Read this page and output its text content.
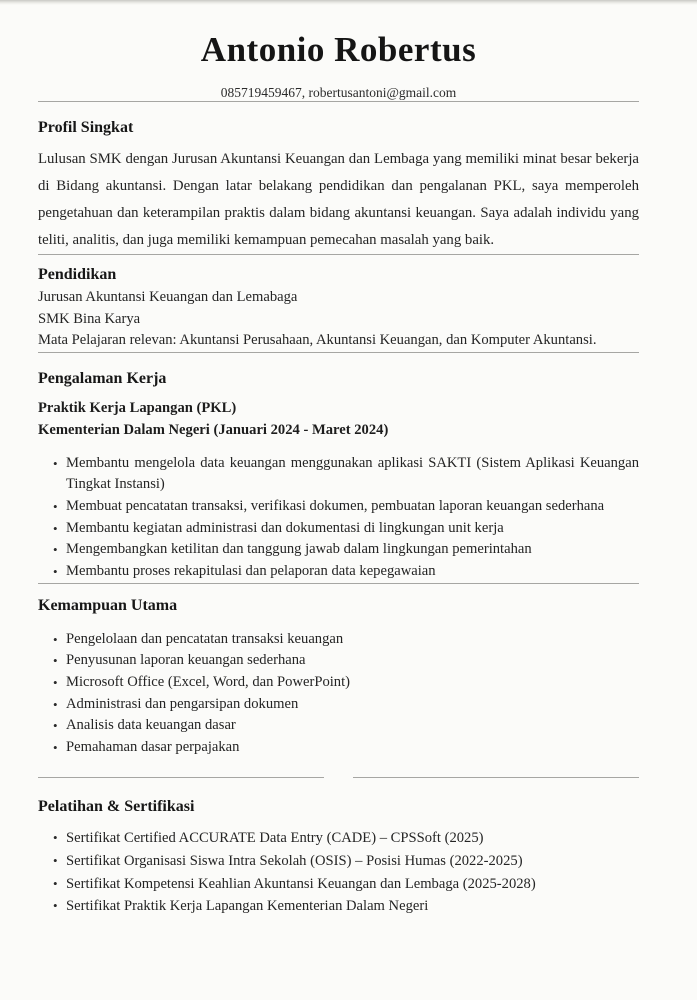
Antonio Robertus
085719459467, robertusantoni@gmail.com
Profil Singkat

Lulusan SMK dengan Jurusan Akuntansi Keuangan dan Lembaga yang memiliki minat besar bekerja di Bidang akuntansi. Dengan latar belakang pendidikan dan pengalanan PKL, saya memperoleh pengetahuan dan keterampilan praktis dalam bidang akuntansi keuangan. Saya adalah individu yang teliti, analitis, dan juga memiliki kemampuan pemecahan masalah yang baik.

Pendidikan
Jurusan Akuntansi Keuangan dan Lemabaga
SMK Bina Karya
Mata Pelajaran relevan: Akuntansi Perusahaan, Akuntansi Keuangan, dan Komputer Akuntansi.
Pengalaman Kerja
Praktik Kerja Lapangan (PKL)
Kementerian Dalam Negeri (Januari 2024 - Maret 2024)
• Membantu mengelola data keuangan menggunakan aplikasi SAKTI (Sistem Aplikasi Keuangan Tingkat Instansi)
• Membuat pencatatan transaksi, verifikasi dokumen, pembuatan laporan keuangan sederhana
• Membantu kegiatan administrasi dan dokumentasi di lingkungan unit kerja
• Mengembangkan ketilitan dan tanggung jawab dalam lingkungan pemerintahan
• Membantu proses rekapitulasi dan pelaporan data kepegawaian
Kemampuan Utama
• Pengelolaan dan pencatatan transaksi keuangan
• Penyusunan laporan keuangan sederhana
• Microsoft Office (Excel, Word, dan PowerPoint)
• Administrasi dan pengarsipan dokumen
• Analisis data keuangan dasar
• Pemahaman dasar perpajakan
Pelatihan & Sertifikasi
• Sertifikat Certified ACCURATE Data Entry (CADE) – CPSSoft (2025)
• Sertifikat Organisasi Siswa Intra Sekolah (OSIS) – Posisi Humas (2022-2025)
• Sertifikat Kompetensi Keahlian Akuntansi Keuangan dan Lembaga (2025-2028)
• Sertifikat Praktik Kerja Lapangan Kementerian Dalam Negeri
